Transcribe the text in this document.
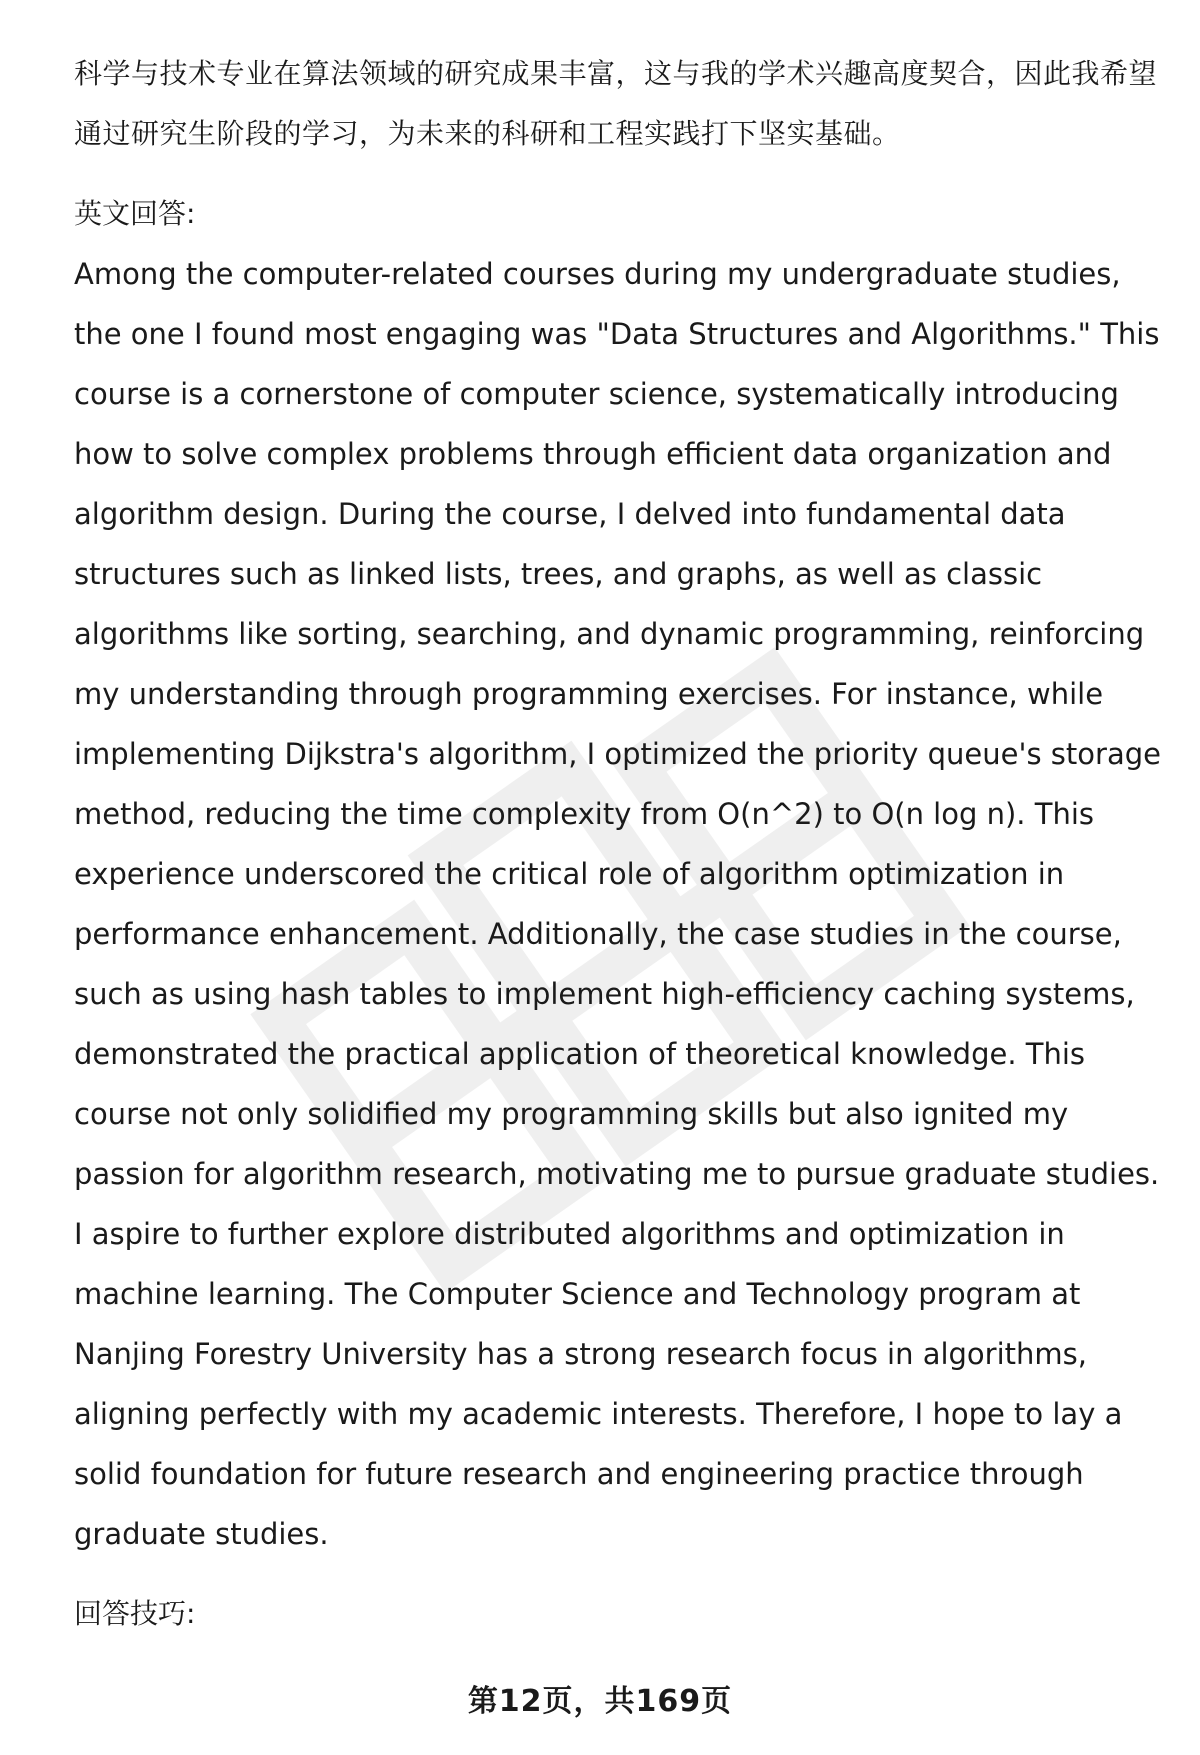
科学与技术专业在算法领域的研究成果丰富，这与我的学术兴趣高度契合，因此我希望通过研究生阶段的学习，为未来的科研和工程实践打下坚实基础。

英文回答:

Among the computer-related courses during my undergraduate studies, the one I found most engaging was "Data Structures and Algorithms." This course is a cornerstone of computer science, systematically introducing how to solve complex problems through efficient data organization and algorithm design. During the course, I delved into fundamental data structures such as linked lists, trees, and graphs, as well as classic algorithms like sorting, searching, and dynamic programming, reinforcing my understanding through programming exercises. For instance, while implementing Dijkstra's algorithm, I optimized the priority queue's storage method, reducing the time complexity from O(n^2) to O(n log n). This experience underscored the critical role of algorithm optimization in performance enhancement. Additionally, the case studies in the course, such as using hash tables to implement high-efficiency caching systems, demonstrated the practical application of theoretical knowledge. This course not only solidified my programming skills but also ignited my passion for algorithm research, motivating me to pursue graduate studies. I aspire to further explore distributed algorithms and optimization in machine learning. The Computer Science and Technology program at Nanjing Forestry University has a strong research focus in algorithms, aligning perfectly with my academic interests. Therefore, I hope to lay a solid foundation for future research and engineering practice through graduate studies.

回答技巧:
第12页，共169页
